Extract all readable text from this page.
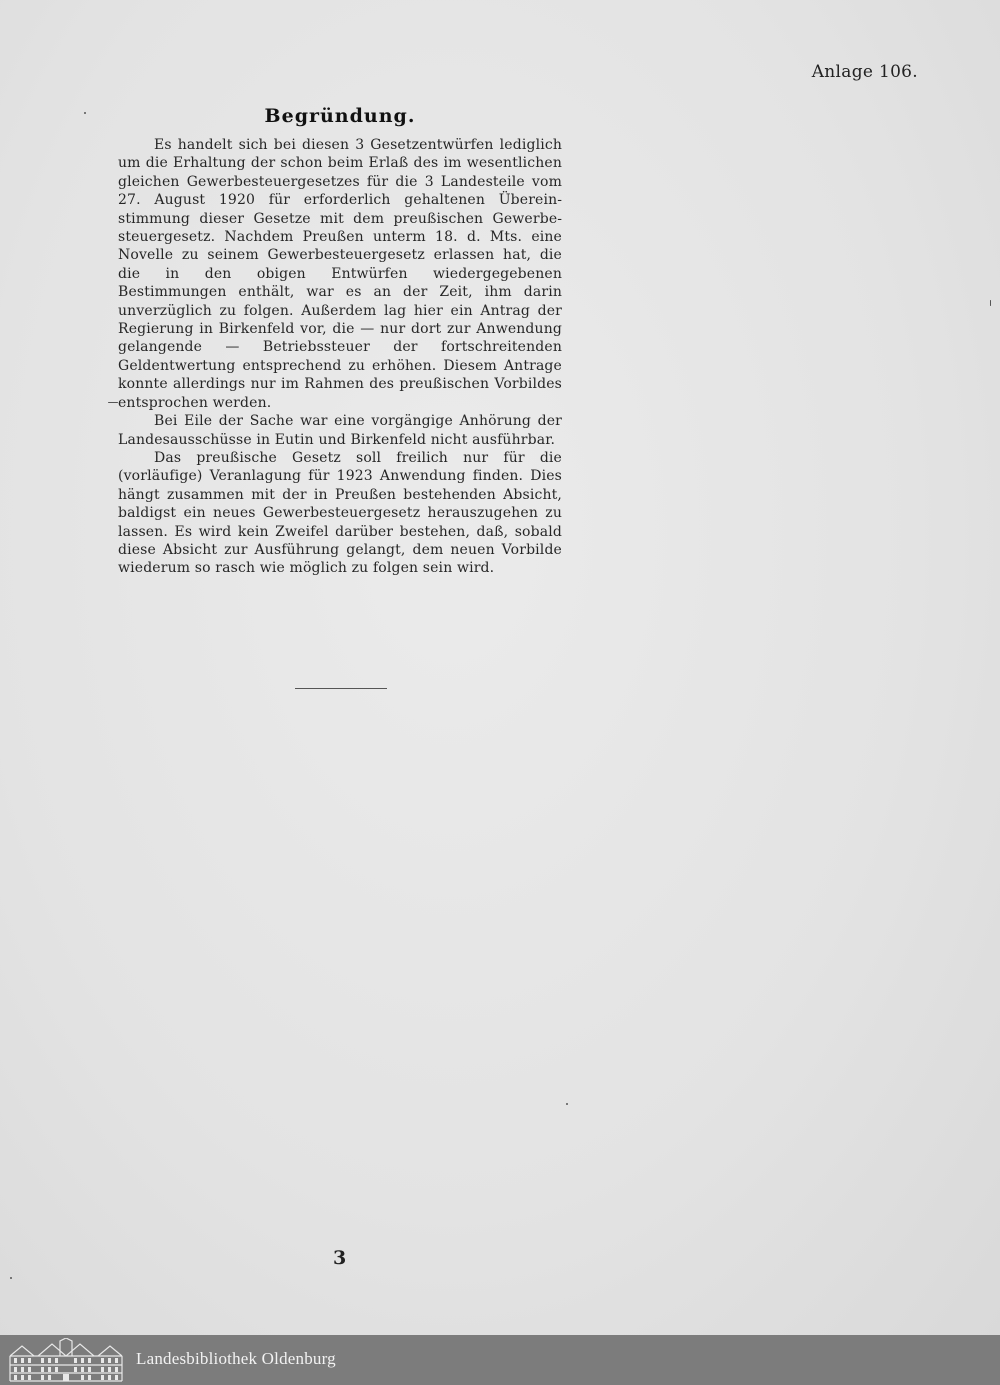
Anlage 106.
Begründung.

Es handelt sich bei diesen 3 Gesetzentwürfen lediglich um die Erhaltung der schon beim Erlaß des im wesentlichen gleichen Gewerbesteuergesetzes für die 3 Landesteile vom 27. August 1920 für erforderlich gehaltenen Übereinstimmung dieser Gesetze mit dem preußischen Gewerbesteuergesetz. Nachdem Preußen unterm 18. d. Mts. eine Novelle zu seinem Gewerbesteuergesetz erlassen hat, die die in den obigen Entwürfen wiedergegebenen Bestimmungen enthält, war es an der Zeit, ihm darin unverzüglich zu folgen. Außerdem lag hier ein Antrag der Regierung in Birkenfeld vor, die — nur dort zur Anwendung gelangende — Betriebssteuer der fortschreitenden Geldentwertung entsprechend zu erhöhen. Diesem Antrage konnte allerdings nur im Rahmen des preußischen Vorbildes entsprochen werden.

Bei Eile der Sache war eine vorgängige Anhörung der Landesausschüsse in Eutin und Birkenfeld nicht ausführbar.

Das preußische Gesetz soll freilich nur für die (vorläufige) Veranlagung für 1923 Anwendung finden. Dies hängt zusammen mit der in Preußen bestehenden Absicht, baldigst ein neues Gewerbesteuergesetz herauszugehen zu lassen. Es wird kein Zweifel darüber bestehen, daß, sobald diese Absicht zur Ausführung gelangt, dem neuen Vorbilde wiederum so rasch wie möglich zu folgen sein wird.

3
Landesbibliothek Oldenburg
